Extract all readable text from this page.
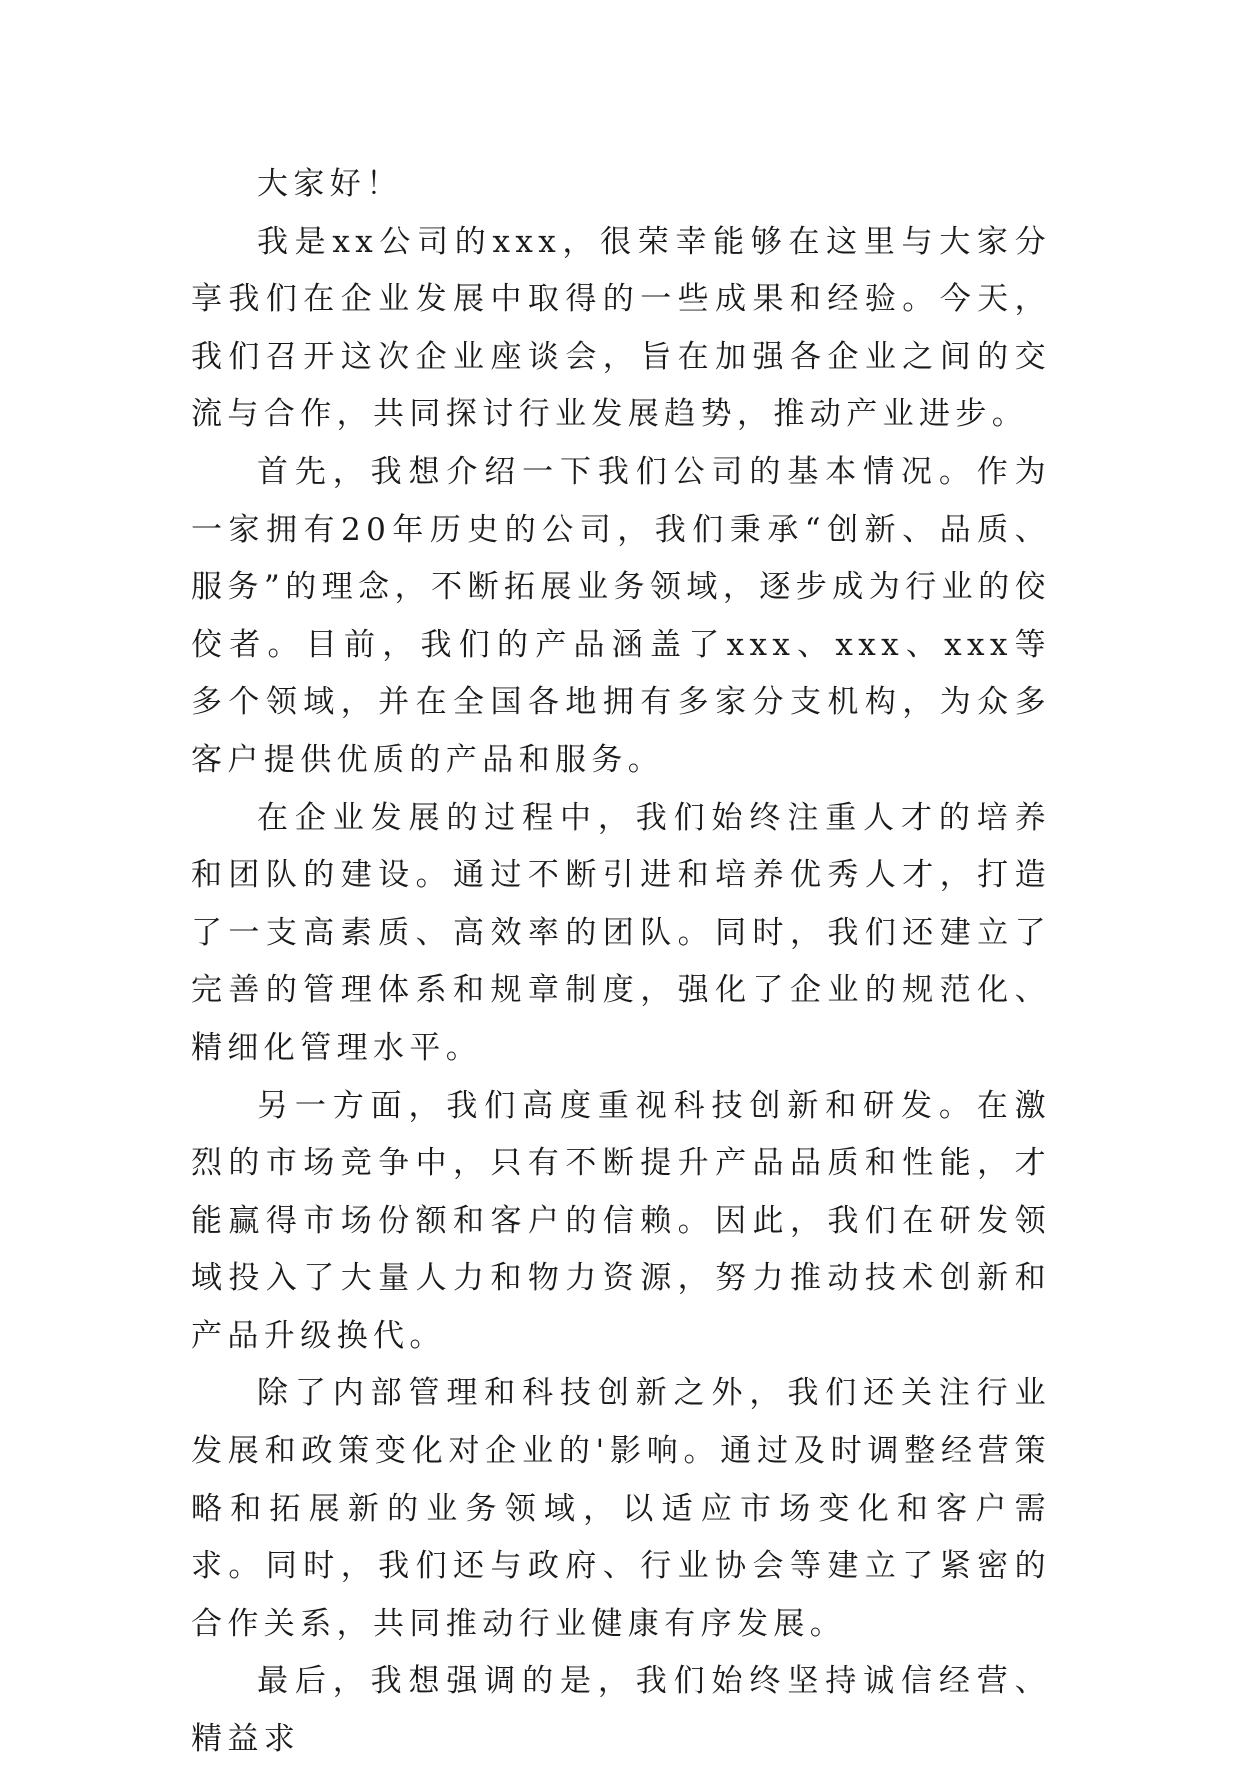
大家好！

我是xx公司的xxx，很荣幸能够在这里与大家分享我们在企业发展中取得的一些成果和经验。今天，我们召开这次企业座谈会，旨在加强各企业之间的交流与合作，共同探讨行业发展趋势，推动产业进步。

首先，我想介绍一下我们公司的基本情况。作为一家拥有20年历史的公司，我们秉承“创新、品质、服务”的理念，不断拓展业务领域，逐步成为行业的佼佼者。目前，我们的产品涵盖了xxx、xxx、xxx等多个领域，并在全国各地拥有多家分支机构，为众多客户提供优质的产品和服务。

在企业发展的过程中，我们始终注重人才的培养和团队的建设。通过不断引进和培养优秀人才，打造了一支高素质、高效率的团队。同时，我们还建立了完善的管理体系和规章制度，强化了企业的规范化、精细化管理水平。

另一方面，我们高度重视科技创新和研发。在激烈的市场竞争中，只有不断提升产品品质和性能，才能赢得市场份额和客户的信赖。因此，我们在研发领域投入了大量人力和物力资源，努力推动技术创新和产品升级换代。

除了内部管理和科技创新之外，我们还关注行业发展和政策变化对企业的'影响。通过及时调整经营策略和拓展新的业务领域，以适应市场变化和客户需求。同时，我们还与政府、行业协会等建立了紧密的合作关系，共同推动行业健康有序发展。

最后，我想强调的是，我们始终坚持诚信经营、精益求
